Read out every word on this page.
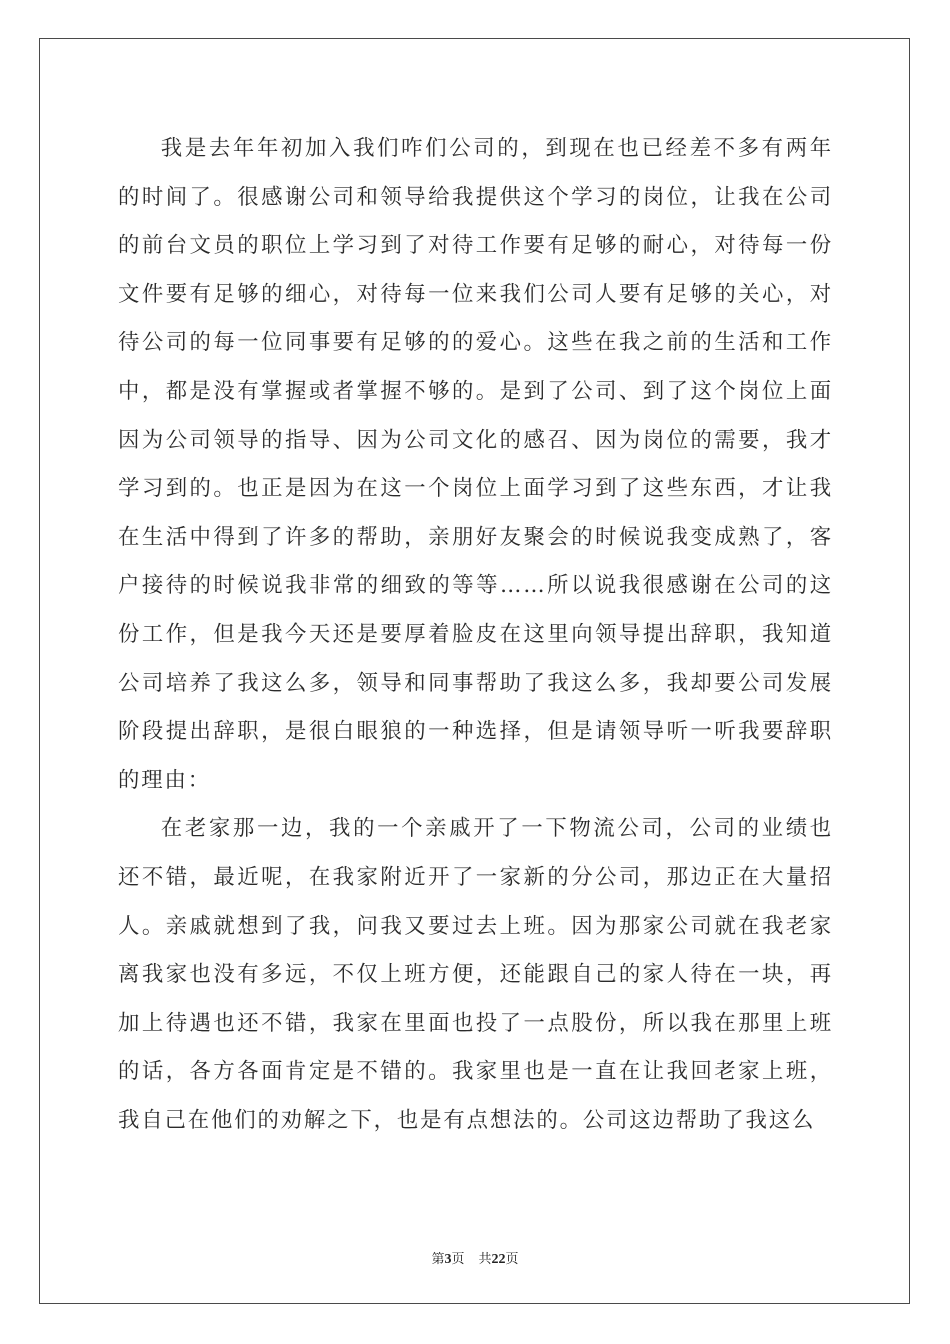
我是去年年初加入我们咋们公司的，到现在也已经差不多有两年的时间了。很感谢公司和领导给我提供这个学习的岗位，让我在公司的前台文员的职位上学习到了对待工作要有足够的耐心，对待每一份文件要有足够的细心，对待每一位来我们公司人要有足够的关心，对待公司的每一位同事要有足够的的爱心。这些在我之前的生活和工作中，都是没有掌握或者掌握不够的。是到了公司、到了这个岗位上面因为公司领导的指导、因为公司文化的感召、因为岗位的需要，我才学习到的。也正是因为在这一个岗位上面学习到了这些东西，才让我在生活中得到了许多的帮助，亲朋好友聚会的时候说我变成熟了，客户接待的时候说我非常的细致的等等……所以说我很感谢在公司的这份工作，但是我今天还是要厚着脸皮在这里向领导提出辞职，我知道公司培养了我这么多，领导和同事帮助了我这么多，我却要公司发展阶段提出辞职，是很白眼狼的一种选择，但是请领导听一听我要辞职的理由：

在老家那一边，我的一个亲戚开了一下物流公司，公司的业绩也还不错，最近呢，在我家附近开了一家新的分公司，那边正在大量招人。亲戚就想到了我，问我又要过去上班。因为那家公司就在我老家离我家也没有多远，不仅上班方便，还能跟自己的家人待在一块，再加上待遇也还不错，我家在里面也投了一点股份，所以我在那里上班的话，各方各面肯定是不错的。我家里也是一直在让我回老家上班，我自己在他们的劝解之下，也是有点想法的。公司这边帮助了我这么

第3页 共22页
